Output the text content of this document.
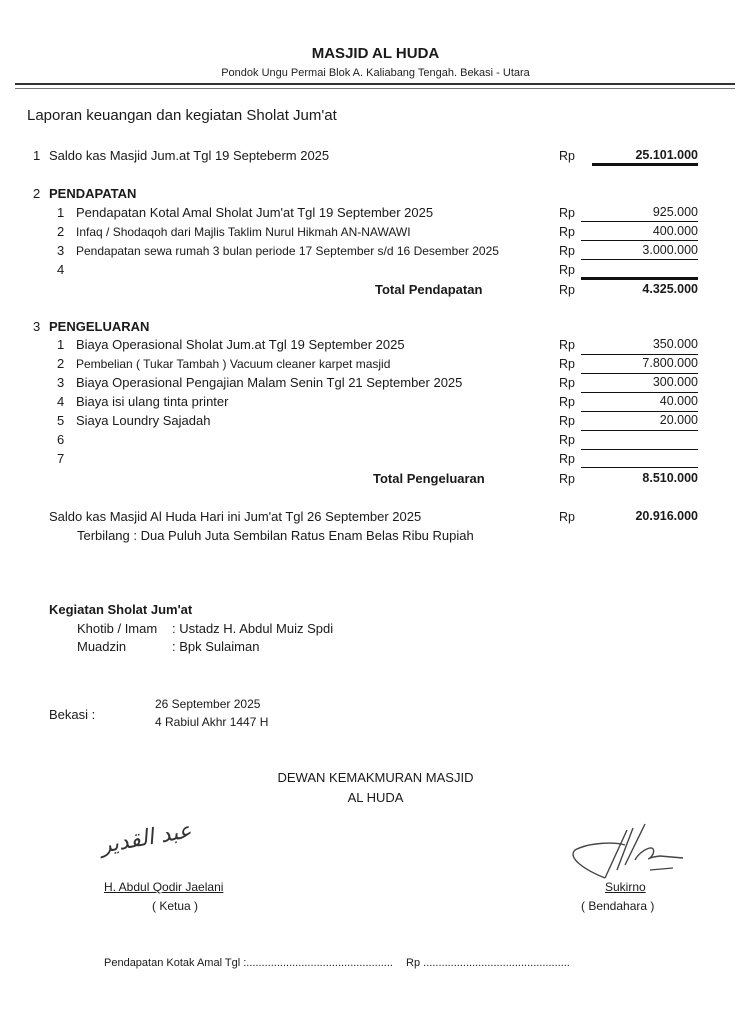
MASJID AL HUDA
Pondok Ungu Permai Blok A. Kaliabang Tengah. Bekasi - Utara
Laporan keuangan dan kegiatan Sholat Jum'at
1 Saldo kas Masjid Jum.at Tgl 19 Septeberm 2025	Rp	25.101.000
2 PENDAPATAN
1 Pendapatan Kotal Amal Sholat Jum'at Tgl 19 September 2025	Rp	925.000
2 Infaq / Shodaqoh dari Majlis Taklim Nurul Hikmah AN-NAWAWI	Rp	400.000
3 Pendapatan sewa rumah 3 bulan periode 17 September s/d 16 Desember 2025	Rp	3.000.000
4	Rp
Total Pendapatan	Rp	4.325.000
3 PENGELUARAN
1 Biaya Operasional Sholat Jum.at Tgl 19 September 2025	Rp	350.000
2 Pembelian ( Tukar Tambah ) Vacuum cleaner karpet masjid	Rp	7.800.000
3 Biaya Operasional Pengajian Malam Senin Tgl 21 September 2025	Rp	300.000
4 Biaya isi ulang tinta printer	Rp	40.000
5 Siaya Loundry Sajadah	Rp	20.000
6	Rp
7	Rp
Total Pengeluaran	Rp	8.510.000
Saldo kas Masjid Al Huda Hari ini Jum'at Tgl 26 September 2025	Rp	20.916.000
Terbilang : Dua Puluh Juta Sembilan Ratus Enam Belas Ribu Rupiah
Kegiatan Sholat Jum'at
Khotib / Imam : Ustadz H. Abdul Muiz Spdi
Muadzin	: Bpk Sulaiman
Bekasi :
26 September 2025
4 Rabiul Akhr 1447 H
DEWAN KEMAKMURAN MASJID
AL HUDA
عبد القدير
H. Abdul Qodir Jaelani
( Ketua )
Sukirno
( Bendahara )
Pendapatan Kotak Amal Tgl :................................................ Rp ................................................
